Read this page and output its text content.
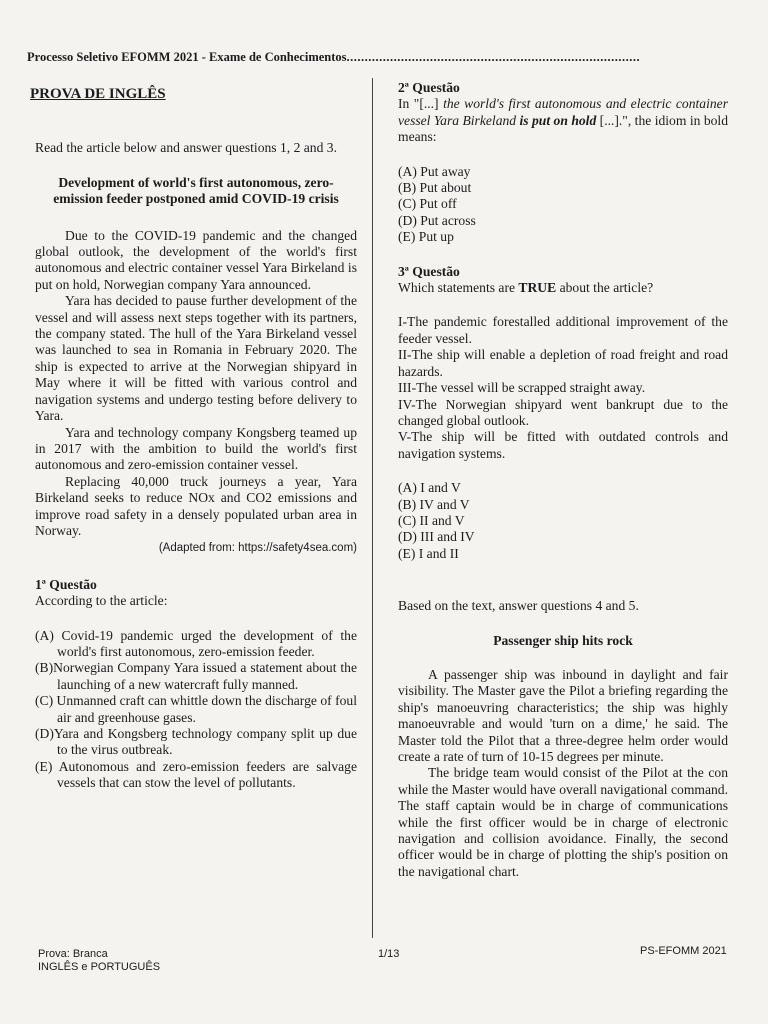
Processo Seletivo EFOMM 2021 - Exame de Conhecimentos.................................................................................
PROVA DE INGLÊS
Read the article below and answer questions 1, 2 and 3.
Development of world's first autonomous, zero-emission feeder postponed amid COVID-19 crisis

Due to the COVID-19 pandemic and the changed global outlook, the development of the world's first autonomous and electric container vessel Yara Birkeland is put on hold, Norwegian company Yara announced.

Yara has decided to pause further development of the vessel and will assess next steps together with its partners, the company stated. The hull of the Yara Birkeland vessel was launched to sea in Romania in February 2020. The ship is expected to arrive at the Norwegian shipyard in May where it will be fitted with various control and navigation systems and undergo testing before delivery to Yara.

Yara and technology company Kongsberg teamed up in 2017 with the ambition to build the world's first autonomous and zero-emission container vessel.

Replacing 40,000 truck journeys a year, Yara Birkeland seeks to reduce NOx and CO2 emissions and improve road safety in a densely populated urban area in Norway.

(Adapted from: https://safety4sea.com)
1ª Questão
According to the article:
(A) Covid-19 pandemic urged the development of the world's first autonomous, zero-emission feeder.
(B)Norwegian Company Yara issued a statement about the launching of a new watercraft fully manned.
(C) Unmanned craft can whittle down the discharge of foul air and greenhouse gases.
(D)Yara and Kongsberg technology company split up due to the virus outbreak.
(E) Autonomous and zero-emission feeders are salvage vessels that can stow the level of pollutants.
2ª Questão
In "[...] the world's first autonomous and electric container vessel Yara Birkeland is put on hold [...].", the idiom in bold means:
(A) Put away
(B) Put about
(C) Put off
(D) Put across
(E) Put up
3ª Questão
Which statements are TRUE about the article?
I-The pandemic forestalled additional improvement of the feeder vessel.
II-The ship will enable a depletion of road freight and road hazards.
III-The vessel will be scrapped straight away.
IV-The Norwegian shipyard went bankrupt due to the changed global outlook.
V-The ship will be fitted with outdated controls and navigation systems.
(A) I and V
(B) IV and V
(C) II and V
(D) III and IV
(E) I and II
Based on the text, answer questions 4 and 5.
Passenger ship hits rock

A passenger ship was inbound in daylight and fair visibility. The Master gave the Pilot a briefing regarding the ship's manoeuvring characteristics; the ship was highly manoeuvrable and would 'turn on a dime,' he said. The Master told the Pilot that a three-degree helm order would create a rate of turn of 10-15 degrees per minute.

The bridge team would consist of the Pilot at the con while the Master would have overall navigational command. The staff captain would be in charge of communications while the first officer would be in charge of electronic navigation and collision avoidance. Finally, the second officer would be in charge of plotting the ship's position on the navigational chart.

Prova: Branca
INGLÊS e PORTUGUÊS
1/13	PS-EFOMM 2021
